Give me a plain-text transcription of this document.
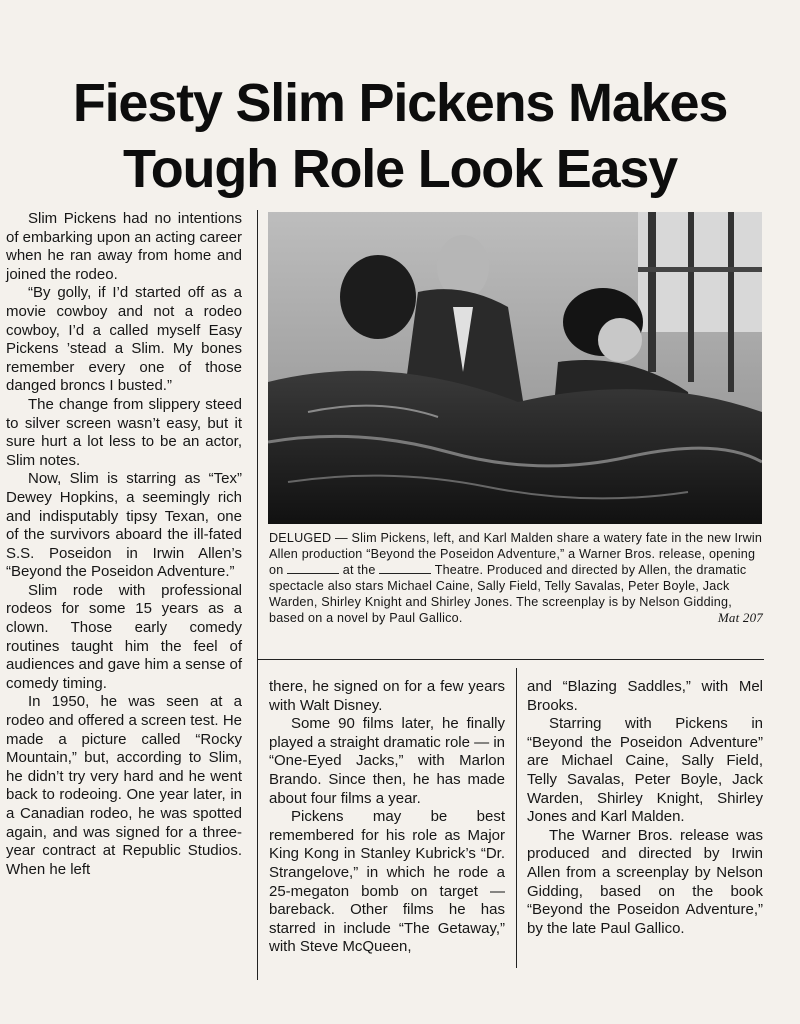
Fiesty Slim Pickens Makes
Tough Role Look Easy

Slim Pickens had no intentions of embarking upon an acting career when he ran away from home and joined the rodeo.

“By golly, if I’d started off as a movie cowboy and not a rodeo cowboy, I’d a called myself Easy Pickens ’stead a Slim. My bones remember every one of those danged broncs I busted.”

The change from slippery steed to silver screen wasn’t easy, but it sure hurt a lot less to be an actor, Slim notes.

Now, Slim is starring as “Tex” Dewey Hopkins, a seemingly rich and indisputably tipsy Texan, one of the survivors aboard the ill-fated S.S. Poseidon in Irwin Allen’s “Beyond the Poseidon Adventure.”

Slim rode with professional rodeos for some 15 years as a clown. Those early comedy routines taught him the feel of audiences and gave him a sense of comedy timing.

In 1950, he was seen at a rodeo and offered a screen test. He made a picture called “Rocky Mountain,” but, according to Slim, he didn’t try very hard and he went back to rodeoing. One year later, in a Canadian rodeo, he was spotted again, and was signed for a three-year contract at Republic Studios. When he left

DELUGED — Slim Pickens, left, and Karl Malden share a watery fate in the new Irwin Allen production “Beyond the Poseidon Adventure,” a Warner Bros. release, opening on	at the	Theatre. Produced and directed by Allen, the dramatic spectacle also stars Michael Caine, Sally Field, Telly Savalas, Peter Boyle, Jack Warden, Shirley Knight and Shirley Jones. The screenplay is by Nelson Gidding, based on a novel by Paul Gallico.	Mat 207

there, he signed on for a few years with Walt Disney.

Some 90 films later, he finally played a straight dramatic role — in “One-Eyed Jacks,” with Marlon Brando. Since then, he has made about four films a year.

Pickens may be best remembered for his role as Major King Kong in Stanley Kubrick’s “Dr. Strangelove,” in which he rode a 25-megaton bomb on target — bareback. Other films he has starred in include “The Getaway,” with Steve McQueen,

and “Blazing Saddles,” with Mel Brooks.

Starring with Pickens in “Beyond the Poseidon Adventure” are Michael Caine, Sally Field, Telly Savalas, Peter Boyle, Jack Warden, Shirley Knight, Shirley Jones and Karl Malden.

The Warner Bros. release was produced and directed by Irwin Allen from a screenplay by Nelson Gidding, based on the book “Beyond the Poseidon Adventure,” by the late Paul Gallico.
